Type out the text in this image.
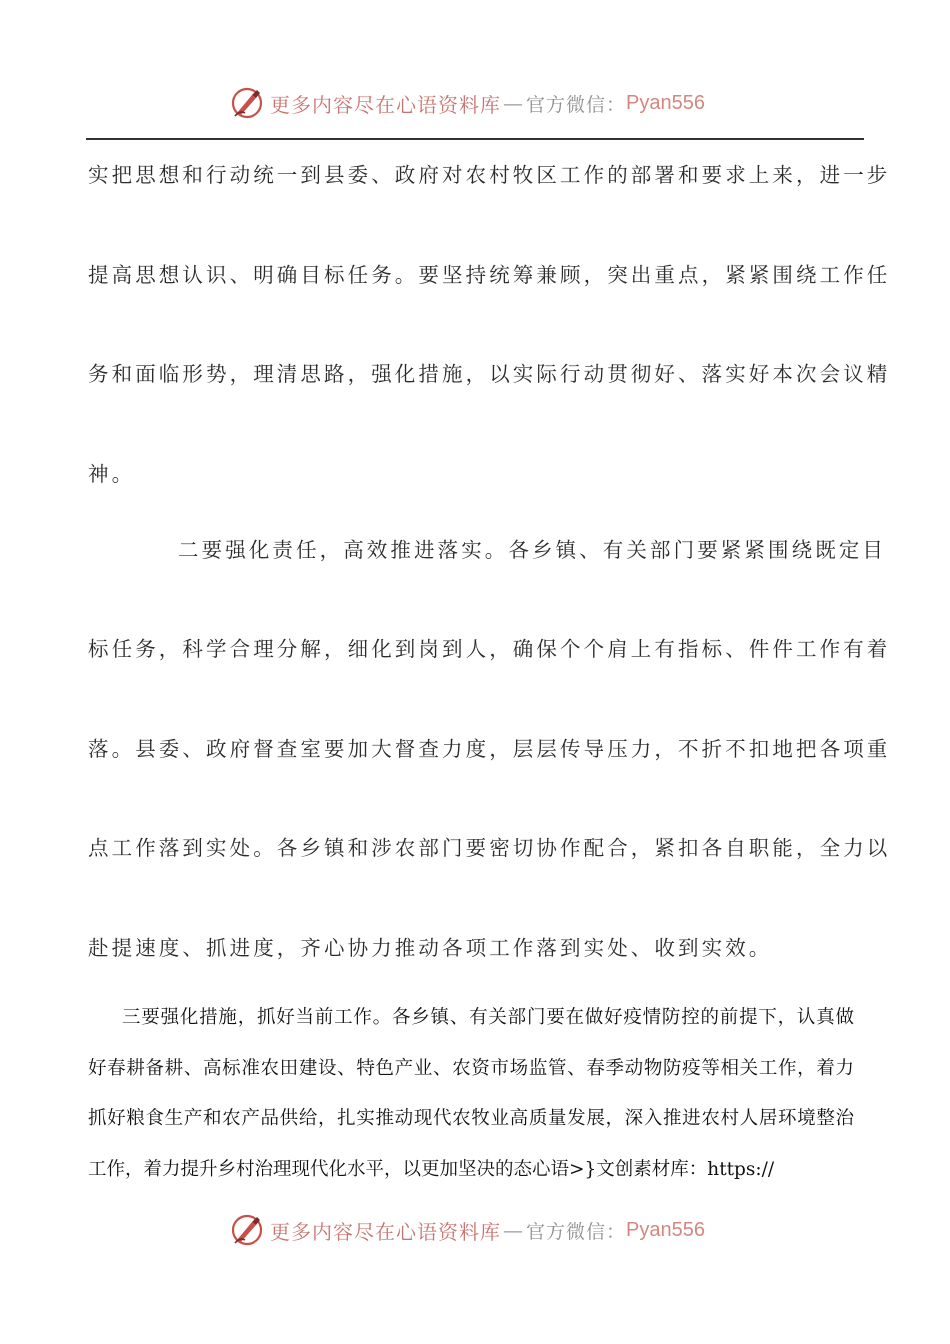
更多内容尽在心语资料库 — 官方微信： Pyan556
实把思想和行动统一到县委、政府对农村牧区工作的部署和要求上来，进一步
提高思想认识、明确目标任务。要坚持统筹兼顾，突出重点，紧紧围绕工作任
务和面临形势，理清思路，强化措施，以实际行动贯彻好、落实好本次会议精
神。
二要强化责任，高效推进落实。各乡镇、有关部门要紧紧围绕既定目
标任务，科学合理分解，细化到岗到人，确保个个肩上有指标、件件工作有着
落。县委、政府督查室要加大督查力度，层层传导压力，不折不扣地把各项重
点工作落到实处。各乡镇和涉农部门要密切协作配合，紧扣各自职能，全力以
赴提速度、抓进度，齐心协力推动各项工作落到实处、收到实效。
三要强化措施，抓好当前工作。各乡镇、有关部门要在做好疫情防控的前提下，认真做
好春耕备耕、高标准农田建设、特色产业、农资市场监管、春季动物防疫等相关工作，着力
抓好粮食生产和农产品供给，扎实推动现代农牧业高质量发展，深入推进农村人居环境整治
工作，着力提升乡村治理现代化水平，以更加坚决的态心语>}文创素材库：https://
更多内容尽在心语资料库 — 官方微信： Pyan556
